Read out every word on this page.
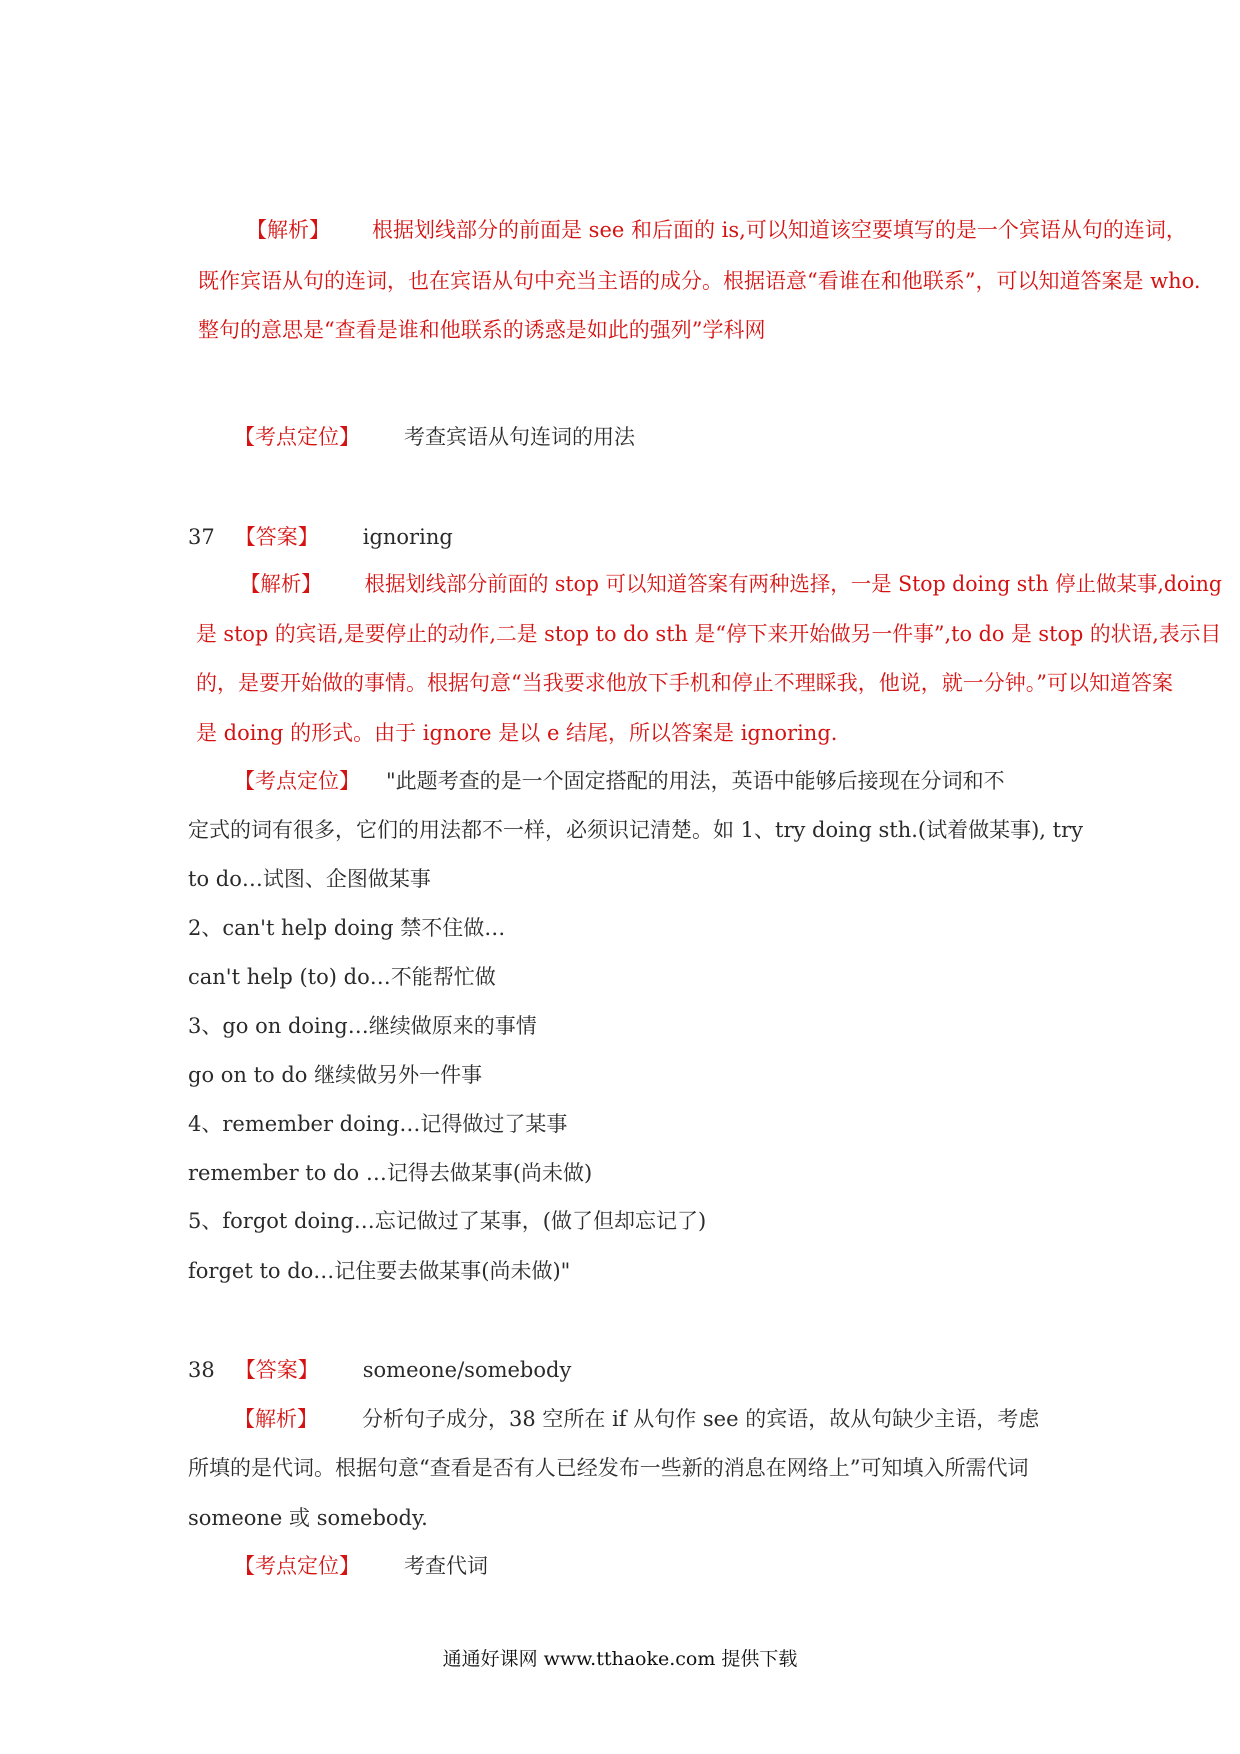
【解析】 根据划线部分的前面是 see 和后面的 is,可以知道该空要填写的是一个宾语从句的连词，
既作宾语从句的连词，也在宾语从句中充当主语的成分。根据语意“看谁在和他联系”，可以知道答案是 who.
整句的意思是“查看是谁和他联系的诱惑是如此的强列”学科网
【考点定位】 考查宾语从句连词的用法
37 【答案】 ignoring
【解析】 根据划线部分前面的 stop 可以知道答案有两种选择，一是 Stop doing sth 停止做某事,doing
是 stop 的宾语,是要停止的动作,二是 stop to do sth 是“停下来开始做另一件事”,to do 是 stop 的状语,表示目
的，是要开始做的事情。根据句意“当我要求他放下手机和停止不理睬我，他说，就一分钟。”可以知道答案
是 doing 的形式。由于 ignore 是以 e 结尾，所以答案是 ignoring.
【考点定位】 "此题考查的是一个固定搭配的用法，英语中能够后接现在分词和不
定式的词有很多，它们的用法都不一样，必须识记清楚。如 1、try doing sth.(试着做某事), try
to do…试图、企图做某事
2、can't help doing 禁不住做…
can't help (to) do…不能帮忙做
3、go on doing…继续做原来的事情
go on to do 继续做另外一件事
4、remember doing…记得做过了某事
remember to do …记得去做某事(尚未做)
5、forgot doing…忘记做过了某事，(做了但却忘记了)
forget to do…记住要去做某事(尚未做)"
38 【答案】 someone/somebody
【解析】 分析句子成分，38 空所在 if 从句作 see 的宾语，故从句缺少主语，考虑
所填的是代词。根据句意“查看是否有人已经发布一些新的消息在网络上”可知填入所需代词
someone 或 somebody.
【考点定位】 考查代词
通通好课网 www.tthaoke.com 提供下载
